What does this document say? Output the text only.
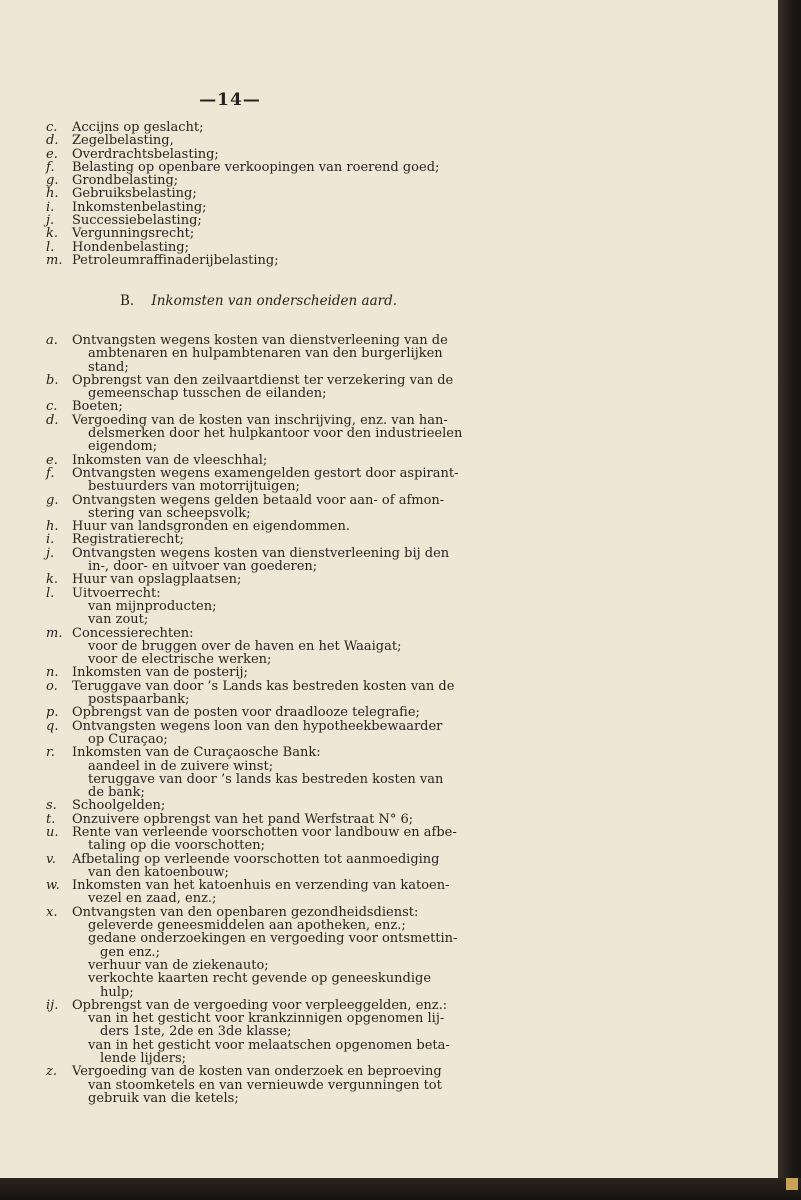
—14—
c.	Accijns op geslacht;
d.	Zegelbelasting,
e.	Overdrachtsbelasting;
f.	Belasting op openbare verkoopingen van roerend goed;
g.	Grondbelasting;
h.	Gebruiksbelasting;
i.	Inkomstenbelasting;
j.	Successiebelasting;
k.	Vergunningsrecht;
l.	Hondenbelasting;
m. Petroleumraffinaderijbelasting;
B. Inkomsten van onderscheiden aard.
a.	Ontvangsten wegens kosten van dienstverleening van de
ambtenaren en hulpambtenaren van den burgerlijken
stand;
b.	Opbrengst van den zeilvaartdienst ter verzekering van de
gemeenschap tusschen de eilanden;
c.	Boeten;
d.	Vergoeding van de kosten van inschrijving, enz. van han-
delsmerken door het hulpkantoor voor den industrieelen
eigendom;
e.	Inkomsten van de vleeschhal;
f.	Ontvangsten wegens examengelden gestort door aspirant-
bestuurders van motorrijtuigen;
g.	Ontvangsten wegens gelden betaald voor aan- of afmon-
stering van scheepsvolk;
h.	Huur van landsgronden en eigendommen.
i.	Registratierecht;
j.	Ontvangsten wegens kosten van dienstverleening bij den
in-, door- en uitvoer van goederen;
k.	Huur van opslagplaatsen;
l.	Uitvoerrecht:
van mijnproducten;
van zout;
m. Concessierechten:
voor de bruggen over de haven en het Waaigat;
voor de electrische werken;
n.	Inkomsten van de posterij;
o.	Teruggave van door ’s Lands kas bestreden kosten van de
postspaarbank;
p.	Opbrengst van de posten voor draadlooze telegrafie;
q.	Ontvangsten wegens loon van den hypotheekbewaarder
op Curaçao;
r.	Inkomsten van de Curaçaosche Bank:
aandeel in de zuivere winst;
teruggave van door ’s lands kas bestreden kosten van
de bank;
s.	Schoolgelden;
t.	Onzuivere opbrengst van het pand Werfstraat N° 6;
u.	Rente van verleende voorschotten voor landbouw en afbe-
taling op die voorschotten;
v.	Afbetaling op verleende voorschotten tot aanmoediging
van den katoenbouw;
w. Inkomsten van het katoenhuis en verzending van katoen-
vezel en zaad, enz.;
x.	Ontvangsten van den openbaren gezondheidsdienst:
geleverde geneesmiddelen aan apotheken, enz.;
gedane onderzoekingen en vergoeding voor ontsmettin-
gen enz.;
verhuur van de ziekenauto;
verkochte kaarten recht gevende op geneeskundige
hulp;
ij.	Opbrengst van de vergoeding voor verpleeggelden, enz.:
van in het gesticht voor krankzinnigen opgenomen lij-
ders 1ste, 2de en 3de klasse;
van in het gesticht voor melaatschen opgenomen beta-
lende lijders;
z.	Vergoeding van de kosten van onderzoek en beproeving
van stoomketels en van vernieuwde vergunningen tot
gebruik van die ketels;
